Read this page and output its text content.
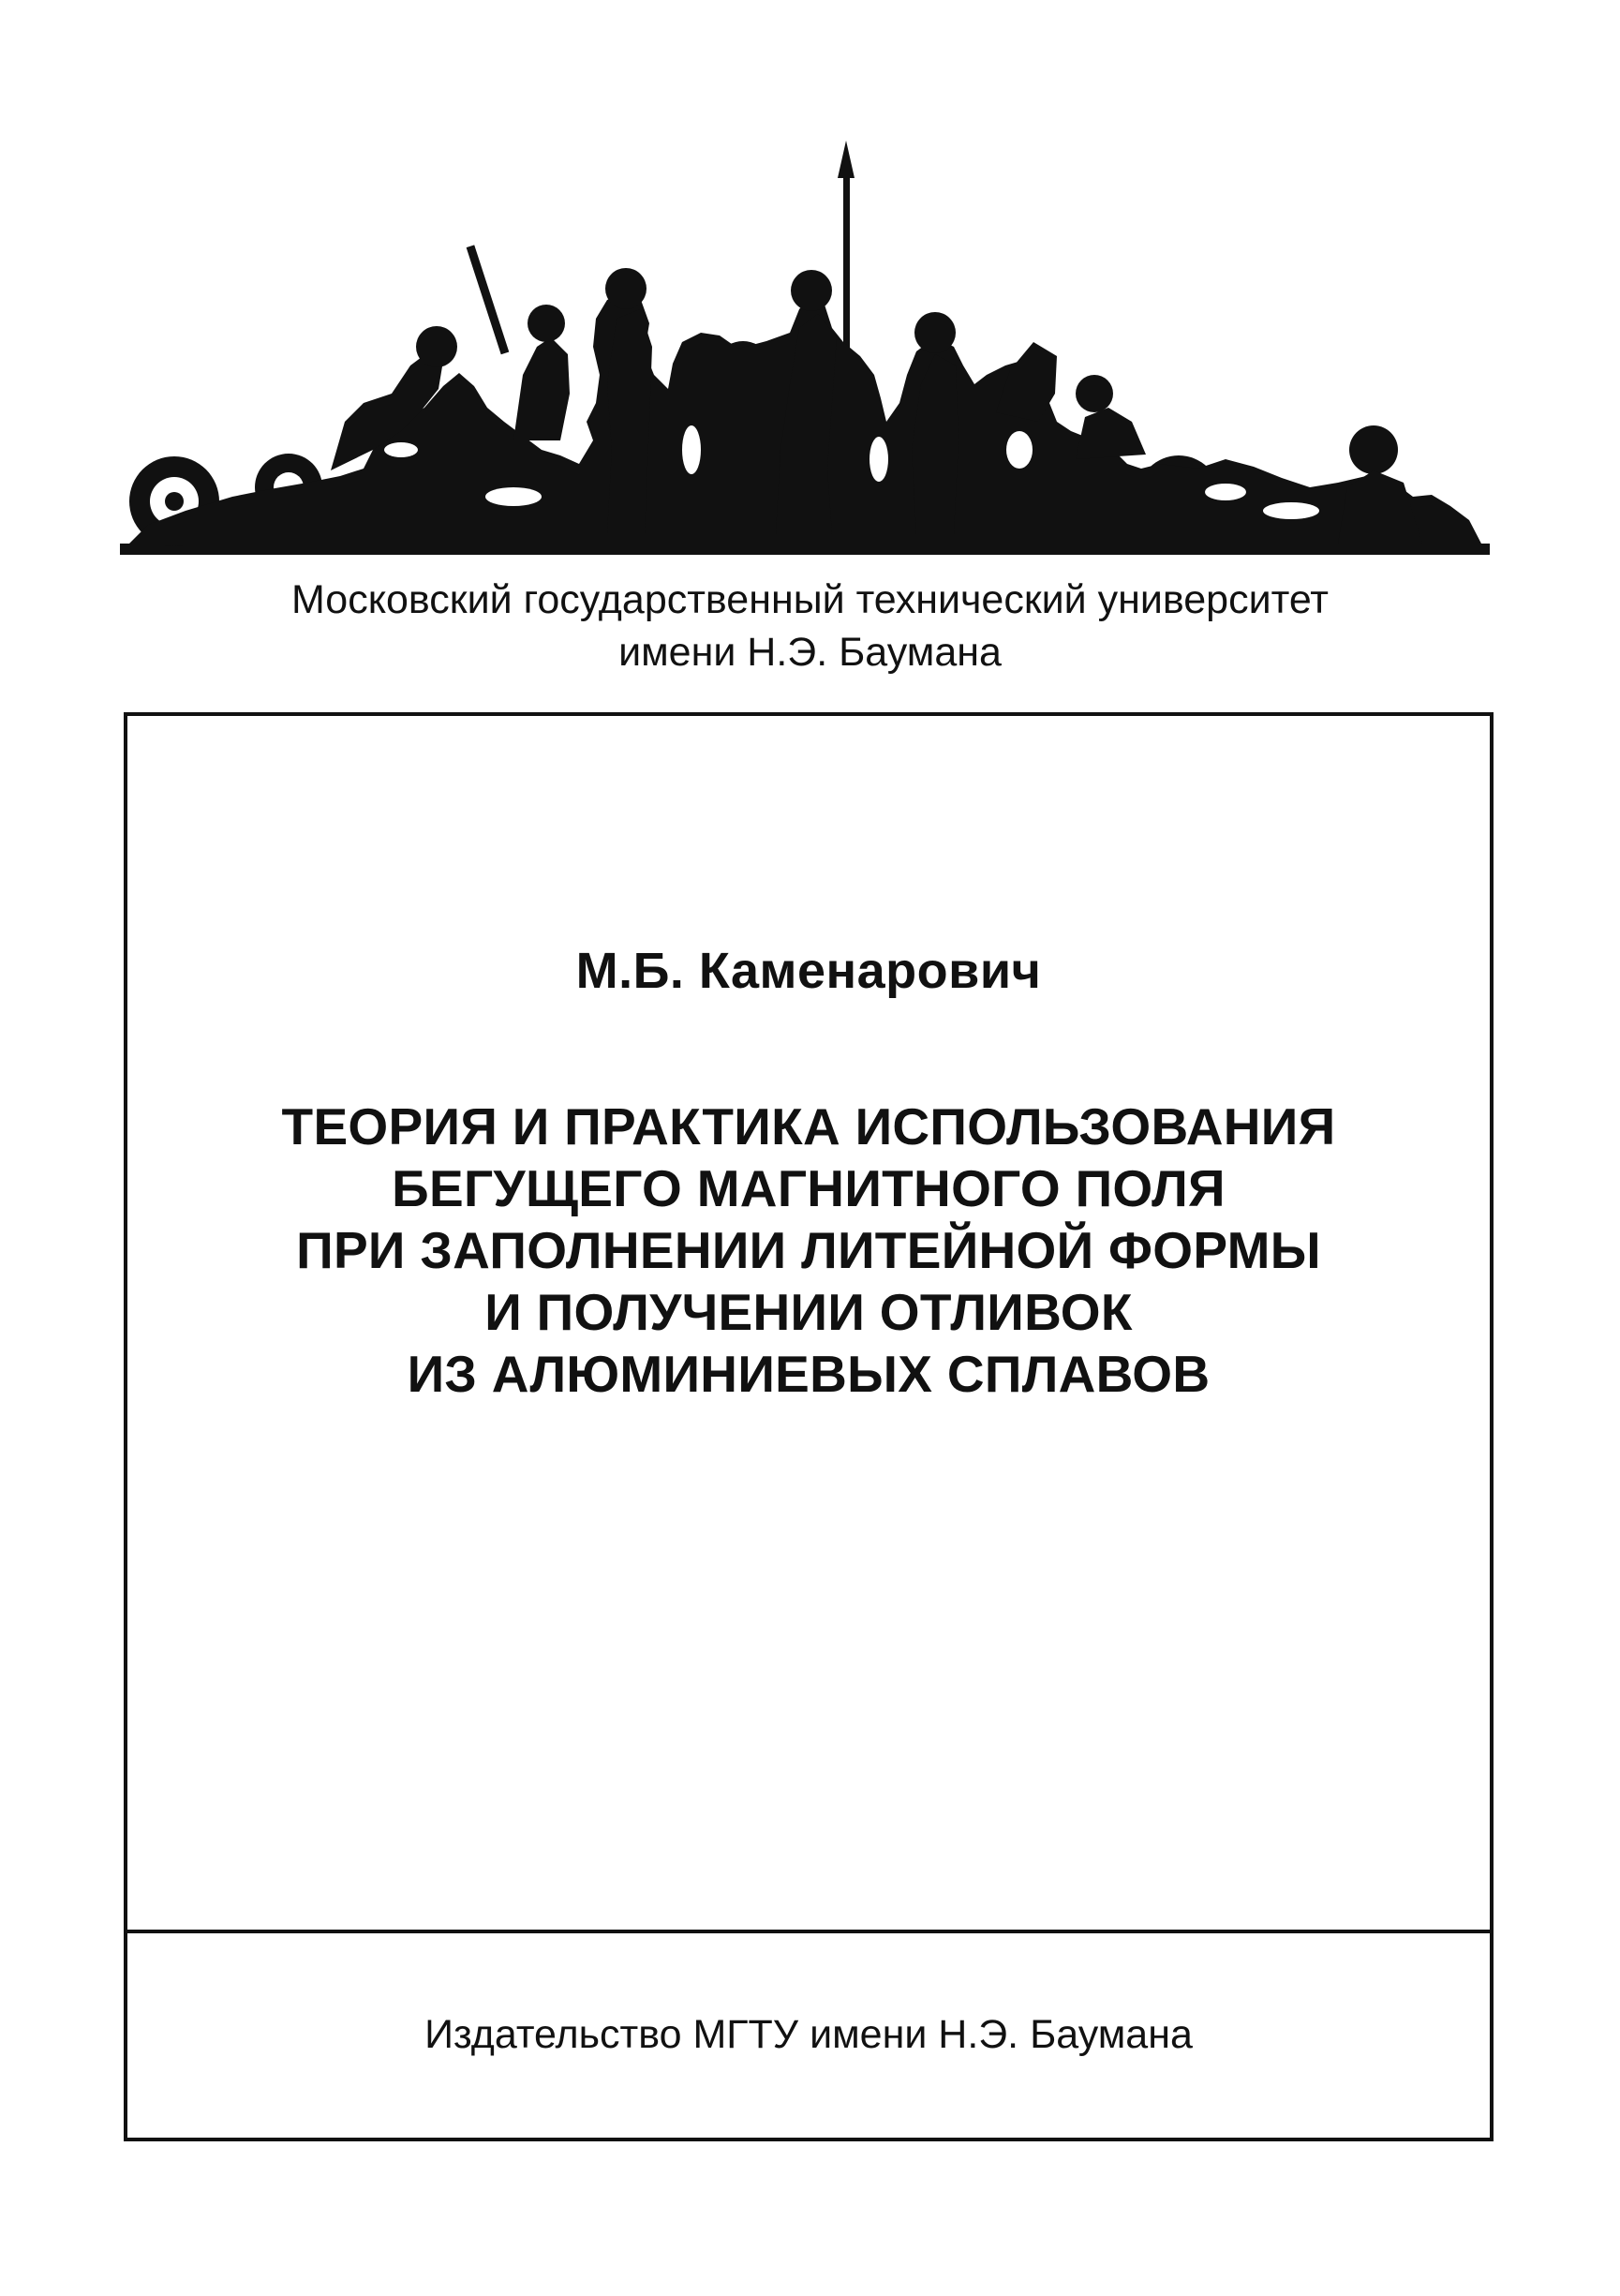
Московский государственный технический университет
имени Н.Э. Баумана
М.Б. Каменарович
ТЕОРИЯ И ПРАКТИКА ИСПОЛЬЗОВАНИЯ
БЕГУЩЕГО МАГНИТНОГО ПОЛЯ
ПРИ ЗАПОЛНЕНИИ ЛИТЕЙНОЙ ФОРМЫ
И ПОЛУЧЕНИИ ОТЛИВОК
ИЗ АЛЮМИНИЕВЫХ СПЛАВОВ
Издательство МГТУ имени Н.Э. Баумана
